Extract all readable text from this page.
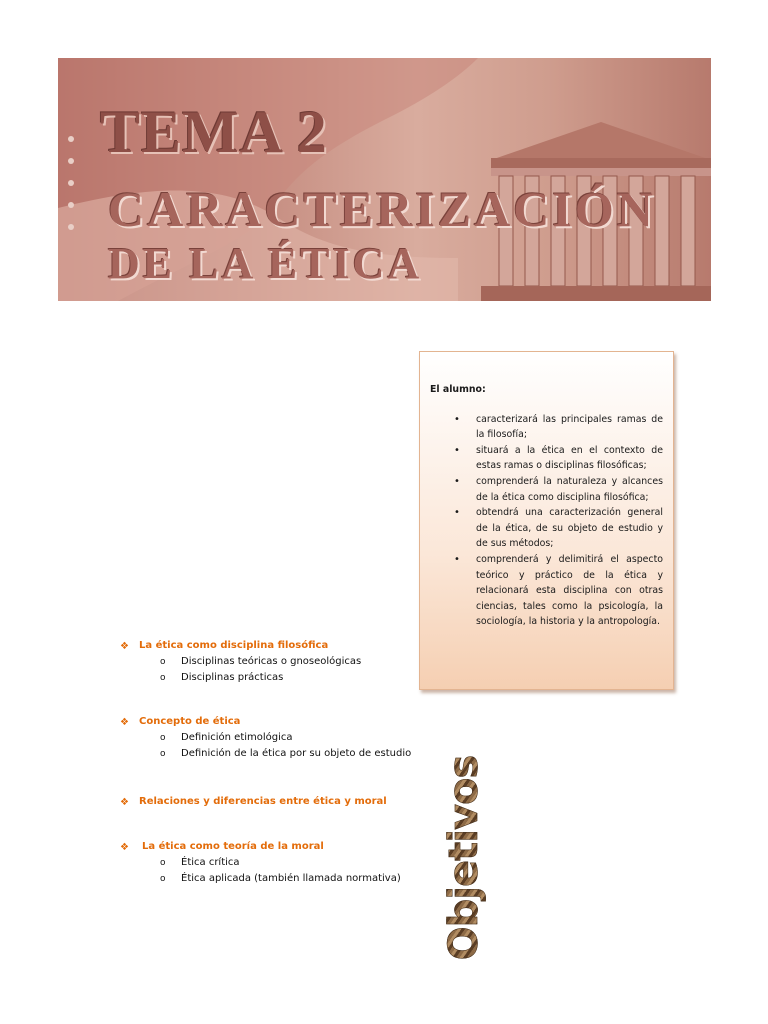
TEMA 2
CARACTERIZACIÓN
DE LA ÉTICA

El alumno:

• caracterizará las principales ramas de la filosofía;
• situará a la ética en el contexto de estas ramas o disciplinas filosóficas;
• comprenderá la naturaleza y alcances de la ética como disciplina filosófica;
• obtendrá una caracterización general de la ética, de su objeto de estudio y de sus métodos;
• comprenderá y delimitirá el aspecto teórico y práctico de la ética y relacionará esta disciplina con otras ciencias, tales como la psicología, la sociología, la historia y la antropología.
❖ La ética como disciplina filosófica
o Disciplinas teóricas o gnoseológicas
o Disciplinas prácticas
❖ Concepto de ética
o Definición etimológica
o Definición de la ética por su objeto de estudio
❖ Relaciones y diferencias entre ética y moral
❖ La ética como teoría de la moral
o Ética crítica
o Ética aplicada (también llamada normativa) Objetivos
